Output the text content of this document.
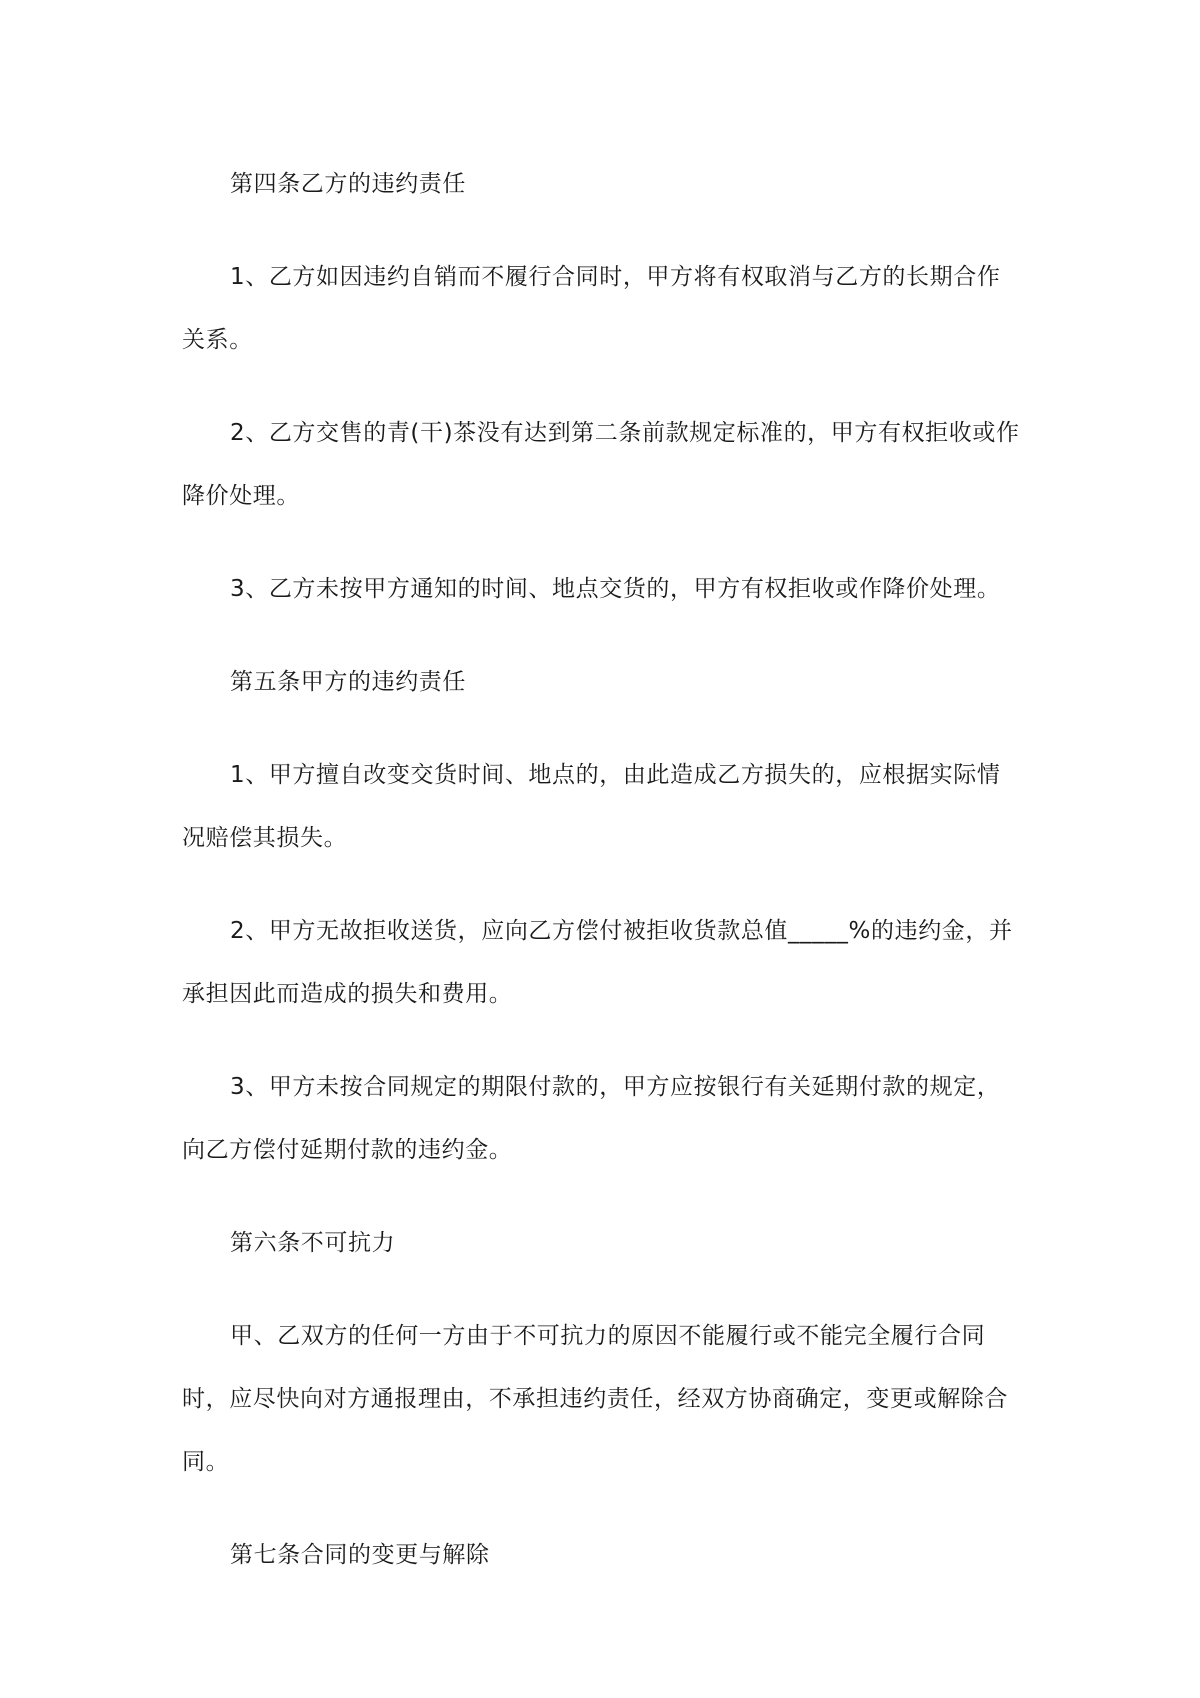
第四条乙方的违约责任

1、乙方如因违约自销而不履行合同时，甲方将有权取消与乙方的长期合作关系。

2、乙方交售的青(干)茶没有达到第二条前款规定标准的，甲方有权拒收或作降价处理。

3、乙方未按甲方通知的时间、地点交货的，甲方有权拒收或作降价处理。

第五条甲方的违约责任

1、甲方擅自改变交货时间、地点的，由此造成乙方损失的，应根据实际情况赔偿其损失。

2、甲方无故拒收送货，应向乙方偿付被拒收货款总值_____%的违约金，并承担因此而造成的损失和费用。

3、甲方未按合同规定的期限付款的，甲方应按银行有关延期付款的规定，向乙方偿付延期付款的违约金。

第六条不可抗力

甲、乙双方的任何一方由于不可抗力的原因不能履行或不能完全履行合同时，应尽快向对方通报理由，不承担违约责任，经双方协商确定，变更或解除合同。

第七条合同的变更与解除
